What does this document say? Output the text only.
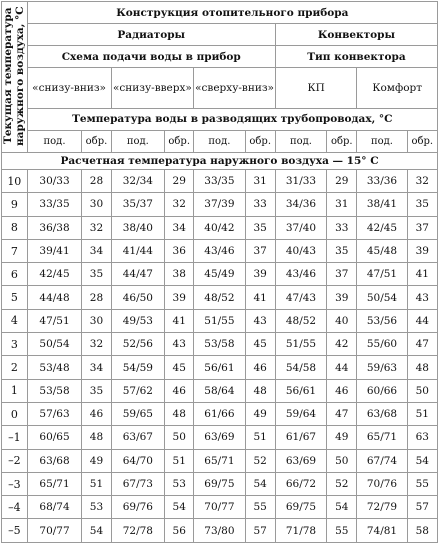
Текущая температура наружного воздуха, °С	Конструкция отопительного прибора									
	Радиаторы						Конвекторы			
	Схема подачи воды в прибор						Тип конвектора			
	«снизу-вниз»		«снизу-вверх»		«сверху-вниз»		КП		Комфорт	
	Температура воды в разводящих трубопроводах, °С									
	под.	обр.	под.	обр.	под.	обр.	под.	обр.	под.	обр.
Расчетная температура наружного воздуха — 15° С										
10	30/33	28	32/34	29	33/35	31	31/33	29	33/36	32
9	33/35	30	35/37	32	37/39	33	34/36	31	38/41	35
8	36/38	32	38/40	34	40/42	35	37/40	33	42/45	37
7	39/41	34	41/44	36	43/46	37	40/43	35	45/48	39
6	42/45	35	44/47	38	45/49	39	43/46	37	47/51	41
5	44/48	28	46/50	39	48/52	41	47/43	39	50/54	43
4	47/51	30	49/53	41	51/55	43	48/52	40	53/56	44
3	50/54	32	52/56	43	53/58	45	51/55	42	55/60	47
2	53/48	34	54/59	45	56/61	46	54/58	44	59/63	48
1	53/58	35	57/62	46	58/64	48	56/61	46	60/66	50
0	57/63	46	59/65	48	61/66	49	59/64	47	63/68	51
–1	60/65	48	63/67	50	63/69	51	61/67	49	65/71	63
–2	63/68	49	64/70	51	65/71	52	63/69	50	67/74	54
–3	65/71	51	67/73	53	69/75	54	66/72	52	70/76	55
–4	68/74	53	69/76	54	70/77	55	69/75	54	72/79	57
–5	70/77	54	72/78	56	73/80	57	71/78	55	74/81	58
